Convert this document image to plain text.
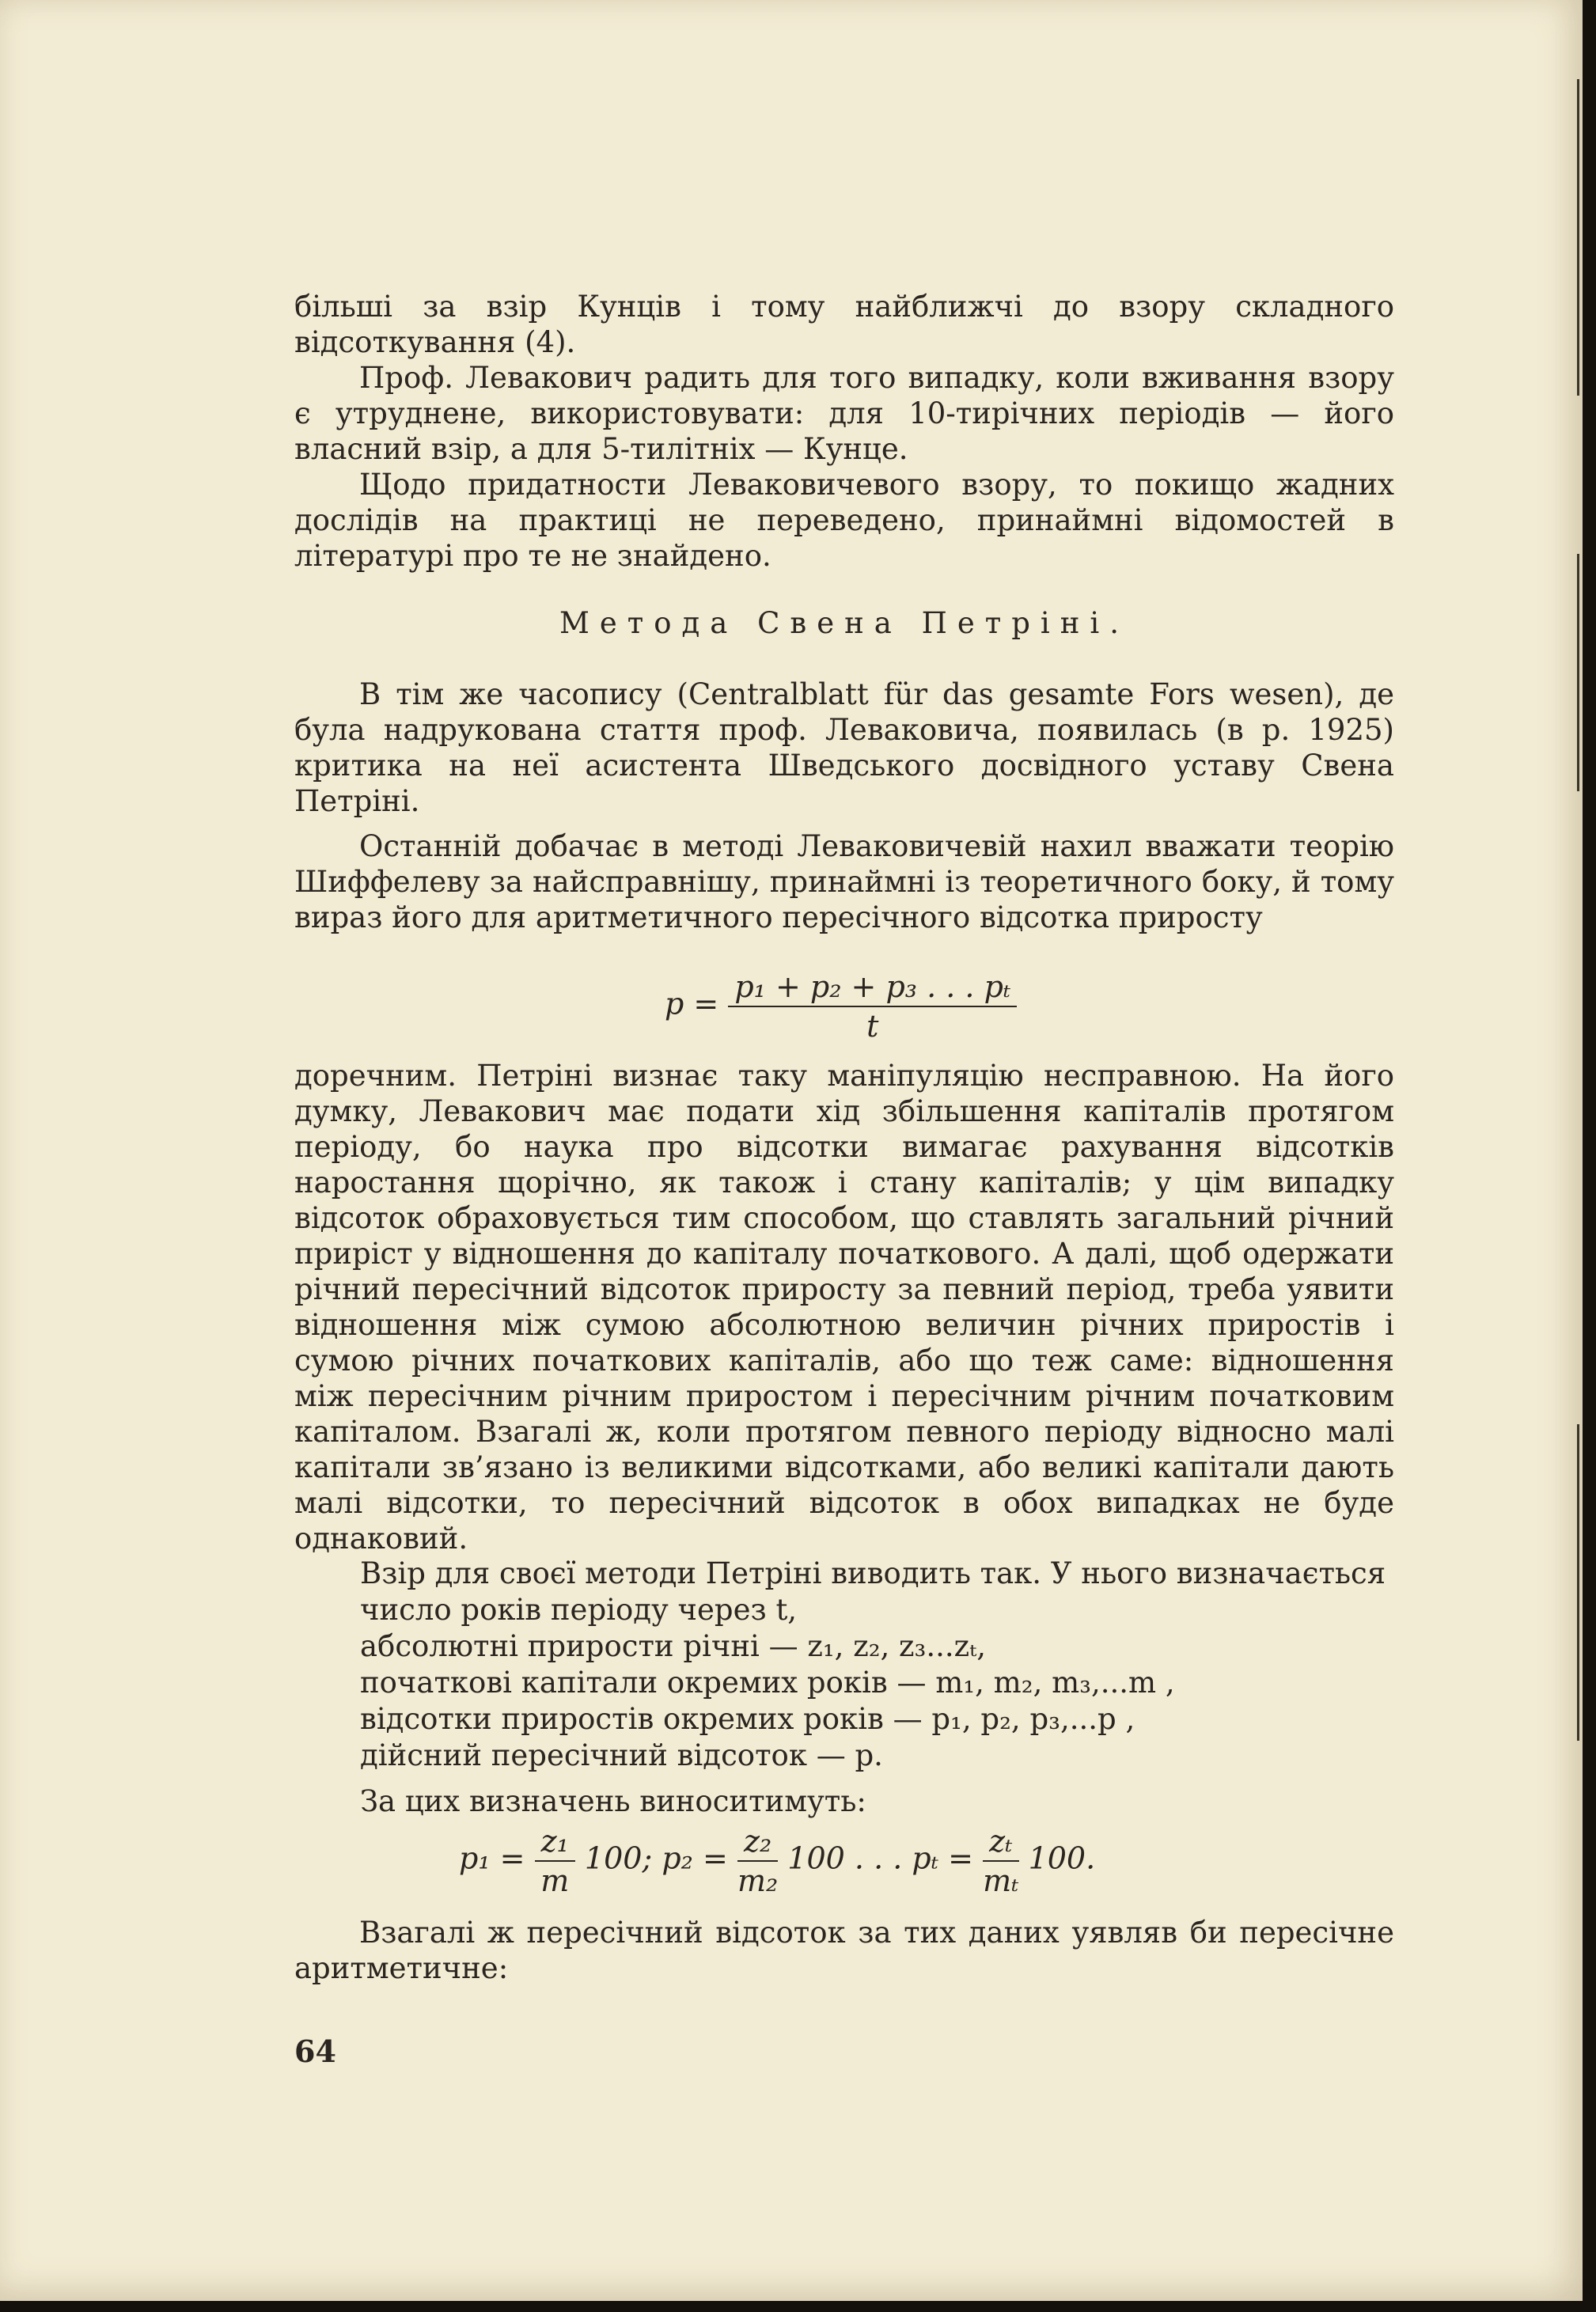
більші за взір Кунців і тому найближчі до взору складного відсоткування (4).

Проф. Левакович радить для того випадку, коли вживання взору є утруднене, використовувати: для 10-тирічних періодів — його власний взір, а для 5-тилітніх — Кунце.

Щодо придатности Леваковичевого взору, то покищо жадних дослідів на практиці не переведено, принаймні відомостей в літературі про те не знайдено.

Метода Свена Петріні.

В тім же часопису (Centralblatt für das gesamte Fors wesen), де була надрукована стаття проф. Леваковича, появилась (в р. 1925) критика на неї асистента Шведського досвідного уставу Свена Петріні.

Останній добачає в методі Леваковичевій нахил вважати теорію Шиффелеву за найсправнішу, принаймні із теоретичного боку, й тому вираз його для аритметичного пересічного відсотка приросту

$p = \frac{\text{p₁ + p₂ + p₃ . . . pₜ}}{t}$

доречним. Петріні визнає таку маніпуляцію несправною. На його думку, Левакович має подати хід збільшення капіталів протягом періоду, бо наука про відсотки вимагає рахування відсотків наростання щорічно, як також і стану капіталів; у цім випадку відсоток обраховується тим способом, що ставлять загальний річний приріст у відношення до капіталу початкового. А далі, щоб одержати річний пересічний відсоток приросту за певний період, треба уявити відношення між сумою абсолютною величин річних приростів і сумою річних початкових капіталів, або що теж саме: відношення між пересічним річним приростом і пересічним річним початковим капіталом. Взагалі ж, коли протягом певного періоду відносно малі капітали зв’язано із великими відсотками, або великі капітали дають малі відсотки, то пересічний відсоток в обох випадках не буде однаковий.

Взір для своєї методи Петріні виводить так. У нього визначається
число років періоду через t,
абсолютні прирости річні — z₁, z₂, z₃...zₜ,
початкові капітали окремих років — m₁, m₂, m₃,...m ,
відсотки приростів окремих років — p₁, p₂, p₃,...p ,
дійсний пересічний відсоток — p.
За цих визначень виноситимуть:
$p_1 = \frac{\text{z₁}}{m} 100$; $p_2 = \frac{\text{z₂}}{\text{m₂}} 100$ . . . $p_t = \frac{\text{zₜ}}{\text{mₜ}} 100$.

Взагалі ж пересічний відсоток за тих даних уявляв би пересічне аритметичне:

64
